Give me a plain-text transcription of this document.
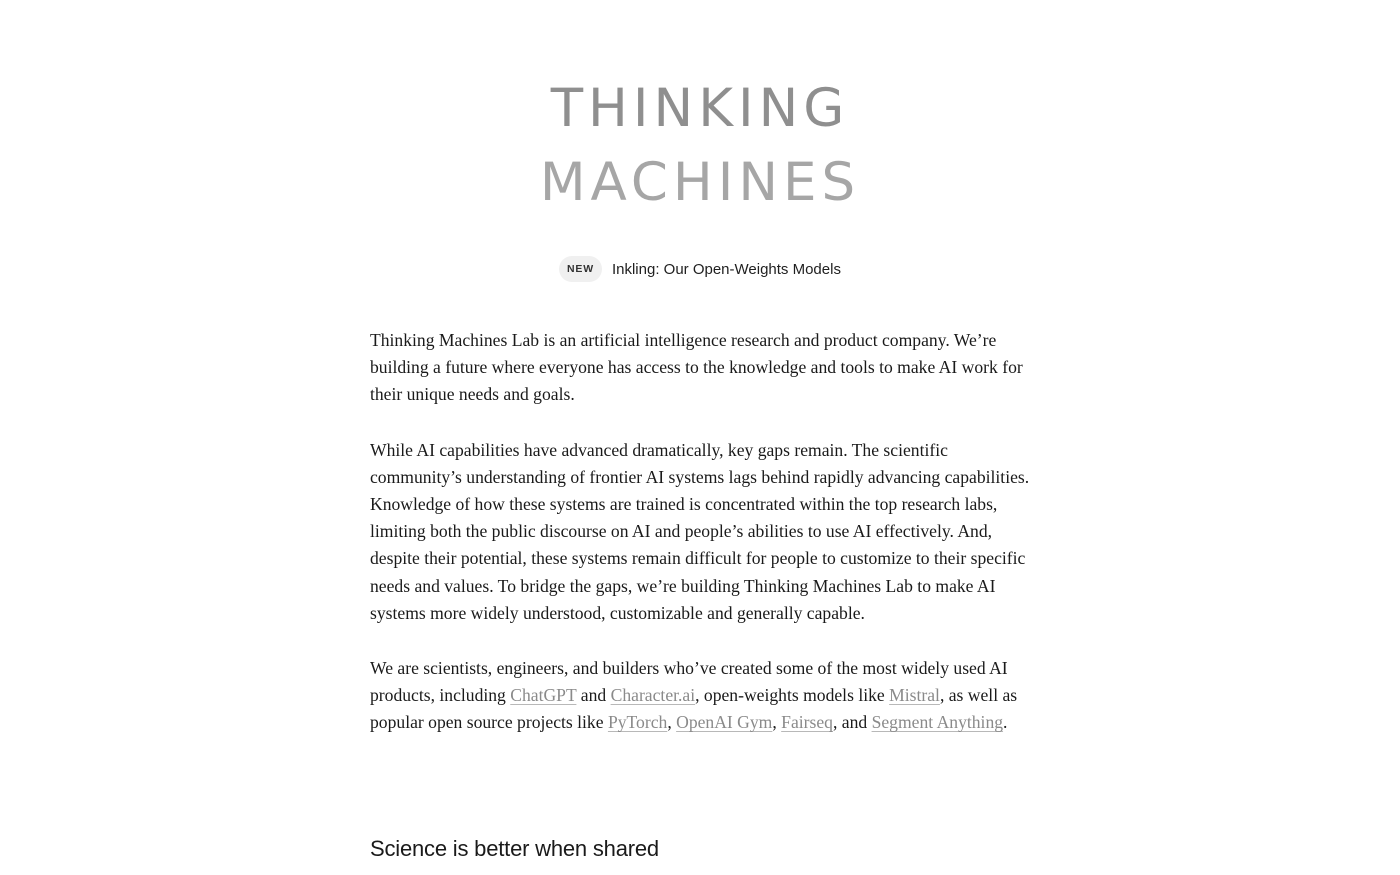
THINKING
MACHINES
NEW	Inkling: Our Open-Weights Models

Thinking Machines Lab is an artificial intelligence research and product company. We’re building a future where everyone has access to the knowledge and tools to make AI work for their unique needs and goals.

While AI capabilities have advanced dramatically, key gaps remain. The scientific community’s understanding of frontier AI systems lags behind rapidly advancing capabilities. Knowledge of how these systems are trained is concentrated within the top research labs, limiting both the public discourse on AI and people’s abilities to use AI effectively. And, despite their potential, these systems remain difficult for people to customize to their specific needs and values. To bridge the gaps, we’re building Thinking Machines Lab to make AI systems more widely understood, customizable and generally capable.

We are scientists, engineers, and builders who’ve created some of the most widely used AI products, including ChatGPT and Character.ai, open-weights models like Mistral, as well as popular open source projects like PyTorch, OpenAI Gym, Fairseq, and Segment Anything.

Science is better when shared
